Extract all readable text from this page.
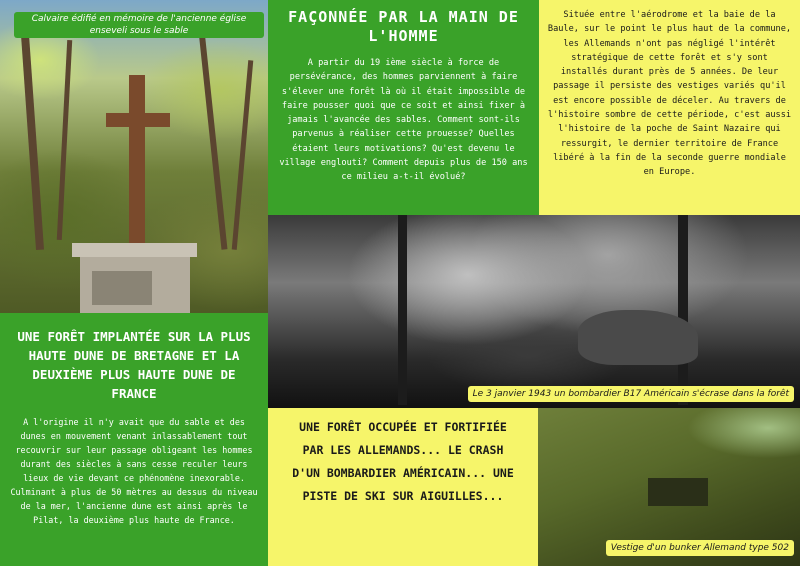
Calvaire édifié en mémoire de l'ancienne église enseveli sous le sable
FAÇONNÉE PAR LA MAIN DE L'HOMME
A partir du 19 ième siècle à force de persévérance, des hommes parviennent à faire s'élever une forêt là où il était impossible de faire pousser quoi que ce soit et ainsi fixer à jamais l'avancée des sables. Comment sont-ils parvenus à réaliser cette prouesse? Quelles étaient leurs motivations? Qu'est devenu le village englouti? Comment depuis plus de 150 ans ce milieu a-t-il évolué?
Située entre l'aérodrome et la baie de la Baule, sur le point le plus haut de la commune, les Allemands n'ont pas négligé l'intérêt stratégique de cette forêt et s'y sont installés durant près de 5 années. De leur passage il persiste des vestiges variés qu'il est encore possible de déceler. Au travers de l'histoire sombre de cette période, c'est aussi l'histoire de la poche de Saint Nazaire qui ressurgit, le dernier territoire de France libéré à la fin de la seconde guerre mondiale en Europe.
Le 3 janvier 1943 un bombardier B17 Américain s'écrase dans la forêt
UNE FORÊT IMPLANTÉE SUR LA PLUS HAUTE DUNE DE BRETAGNE ET LA DEUXIÈME PLUS HAUTE DUNE DE FRANCE
A l'origine il n'y avait que du sable et des dunes en mouvement venant inlassablement tout recouvrir sur leur passage obligeant les hommes durant des siècles à sans cesse reculer leurs lieux de vie devant ce phénomène inexorable. Culminant à plus de 50 mètres au dessus du niveau de la mer, l'ancienne dune est ainsi après le Pilat, la deuxième plus haute de France.
UNE FORÊT OCCUPÉE ET FORTIFIÉE PAR LES ALLEMANDS... LE CRASH D'UN BOMBARDIER AMÉRICAIN... UNE PISTE DE SKI SUR AIGUILLES...
Vestige d'un bunker Allemand type 502
